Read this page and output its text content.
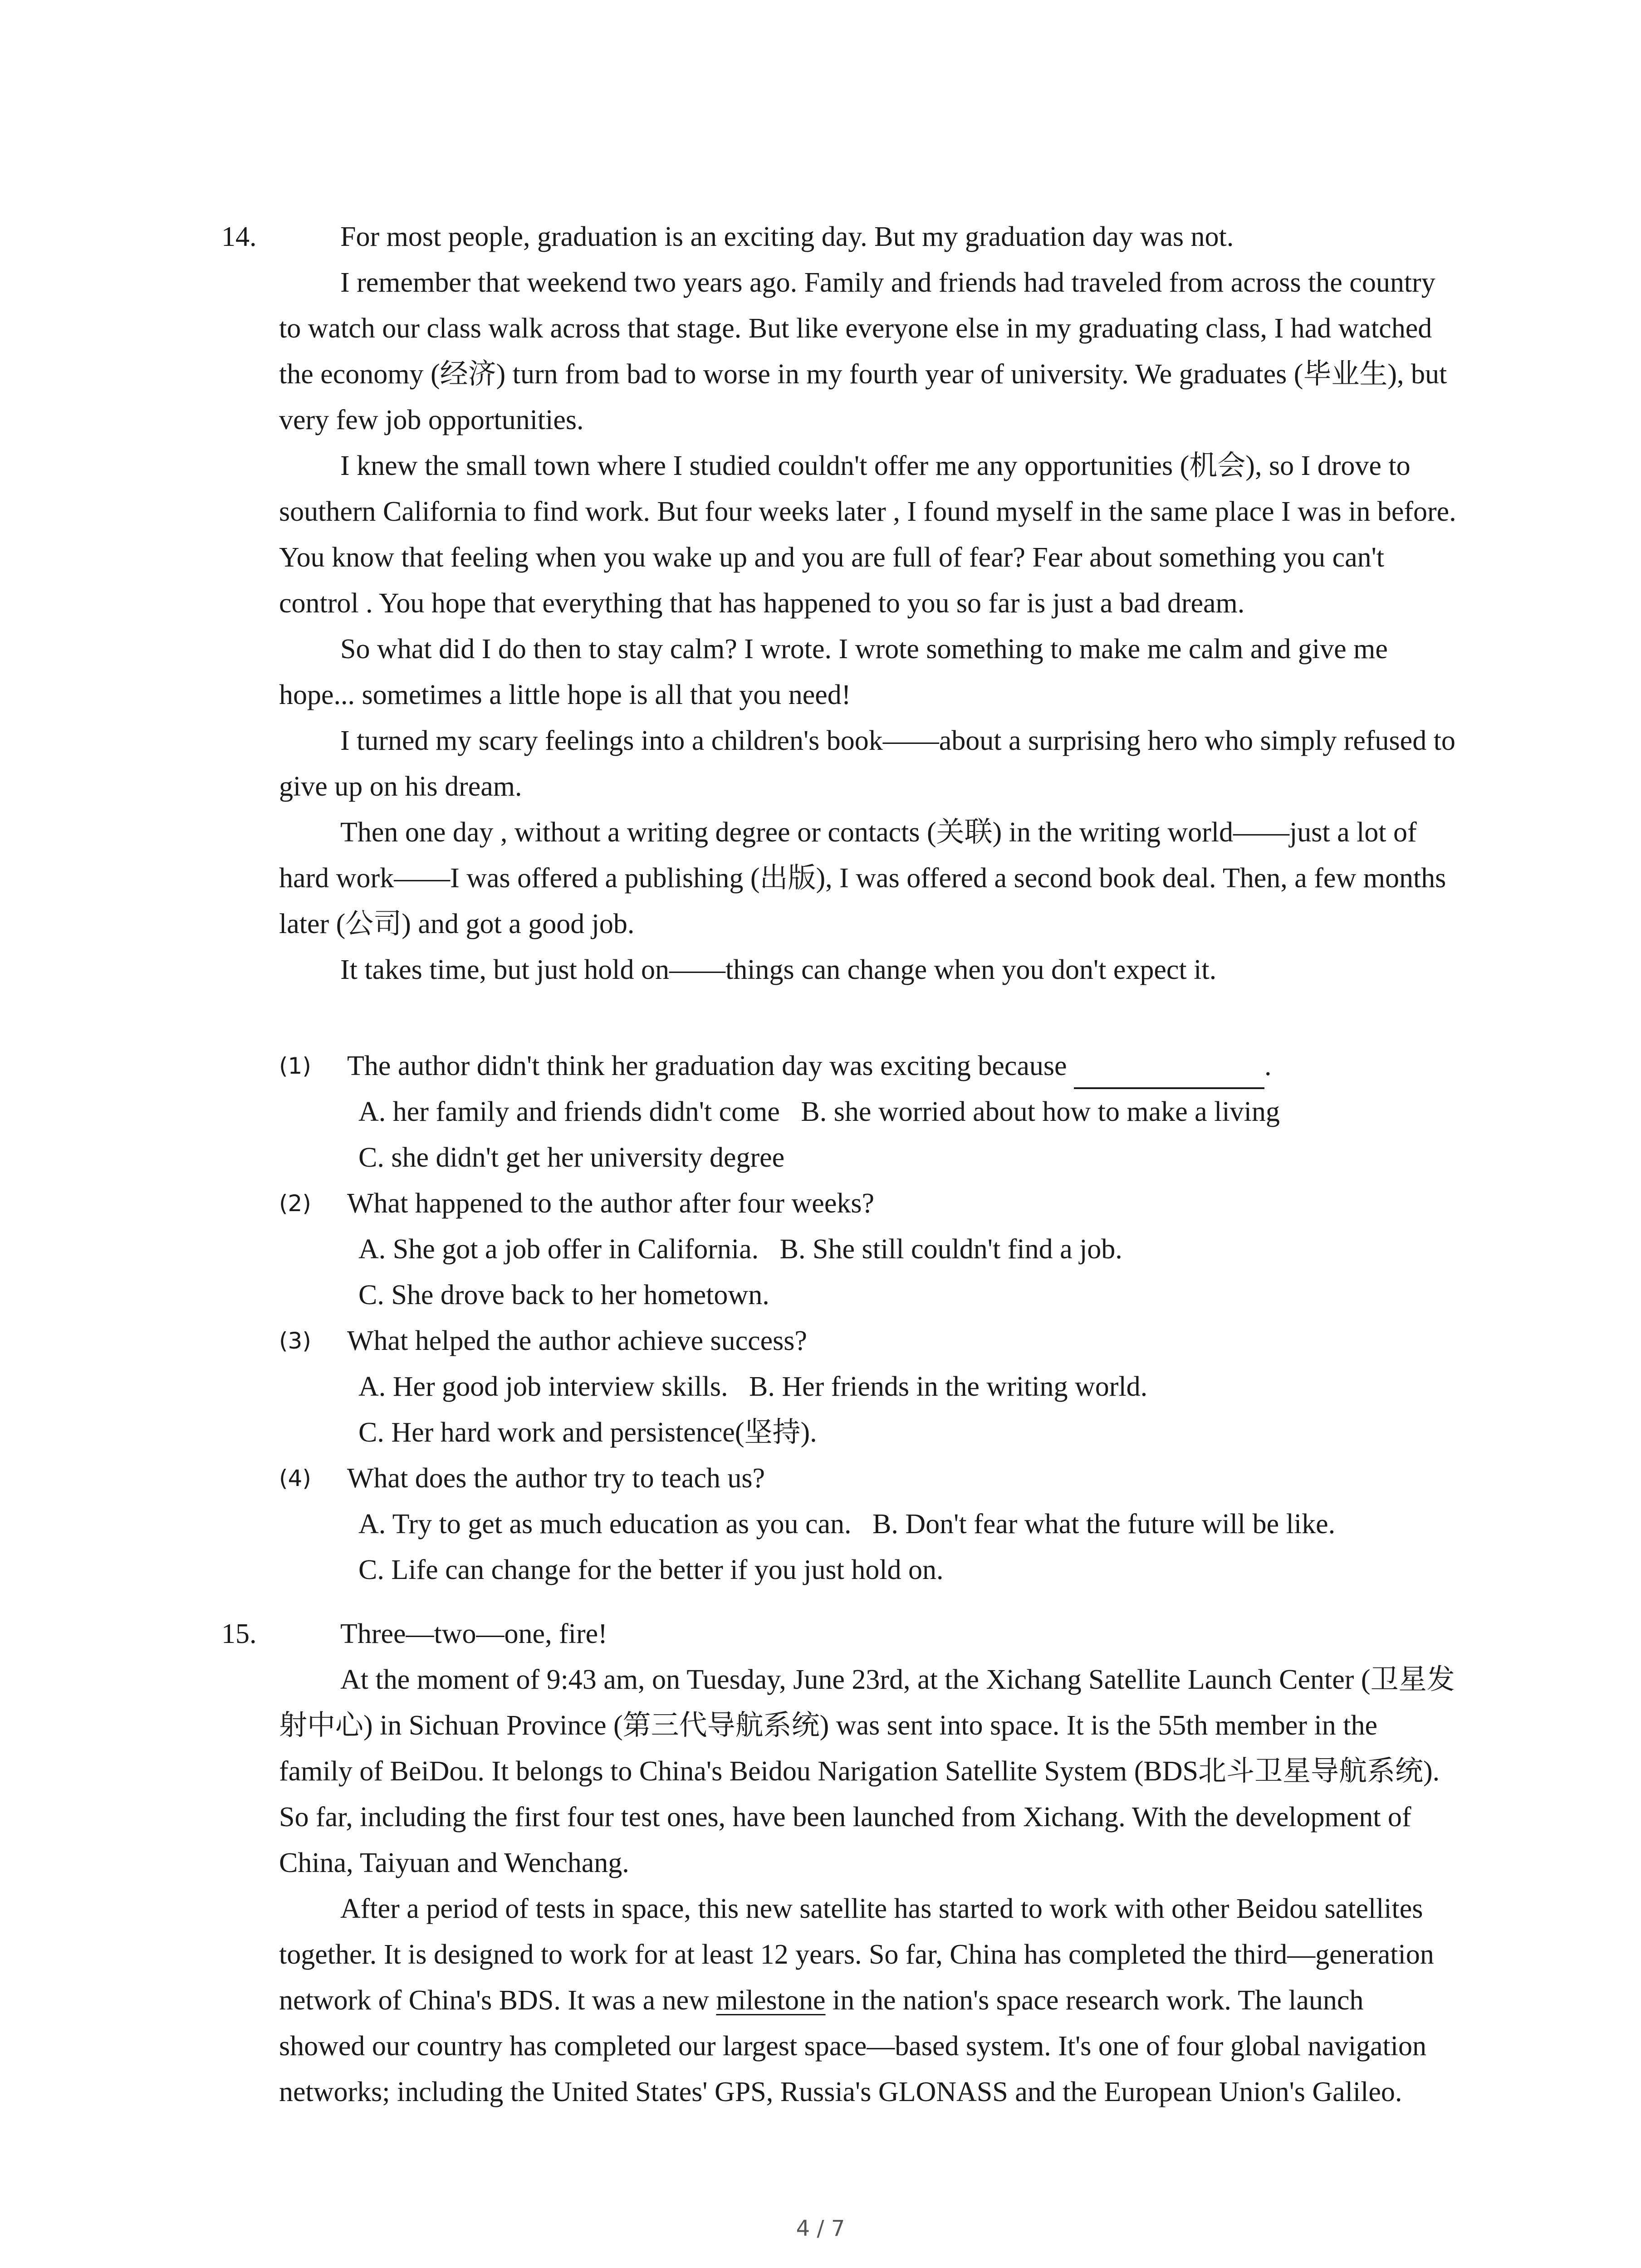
14.	For most people, graduation is an exciting day. But my graduation day was not.

I remember that weekend two years ago. Family and friends had traveled from across the country to watch our class walk across that stage. But like everyone else in my graduating class, I had watched the economy (经济) turn from bad to worse in my fourth year of university. We graduates (毕业生), but very few job opportunities.

I knew the small town where I studied couldn't offer me any opportunities (机会), so I drove to southern California to find work. But four weeks later , I found myself in the same place I was in before. You know that feeling when you wake up and you are full of fear? Fear about something you can't control . You hope that everything that has happened to you so far is just a bad dream.

So what did I do then to stay calm? I wrote. I wrote something to make me calm and give me hope... sometimes a little hope is all that you need!

I turned my scary feelings into a children's book——about a surprising hero who simply refused to give up on his dream.

Then one day , without a writing degree or contacts (关联) in the writing world——just a lot of hard work——I was offered a publishing (出版), I was offered a second book deal. Then, a few months later (公司) and got a good job.

It takes time, but just hold on——things can change when you don't expect it.

(1) The author didn't think her graduation day was exciting because	.
A. her family and friends didn't come   B. she worried about how to make a living
C. she didn't get her university degree
(2) What happened to the author after four weeks?
A. She got a job offer in California.   B. She still couldn't find a job.
C. She drove back to her hometown.
(3) What helped the author achieve success?
A. Her good job interview skills.   B. Her friends in the writing world.
C. Her hard work and persistence(坚持).
(4) What does the author try to teach us?
A. Try to get as much education as you can.   B. Don't fear what the future will be like.
C. Life can change for the better if you just hold on.
15.	Three—two—one, fire!

At the moment of 9:43 am, on Tuesday, June 23rd, at the Xichang Satellite Launch Center (卫星发射中心) in Sichuan Province (第三代导航系统) was sent into space. It is the 55th member in the family of BeiDou. It belongs to China's Beidou Narigation Satellite System (BDS北斗卫星导航系统). So far, including the first four test ones, have been launched from Xichang. With the development of China, Taiyuan and Wenchang.

After a period of tests in space, this new satellite has started to work with other Beidou satellites together. It is designed to work for at least 12 years. So far, China has completed the third—generation network of China's BDS. It was a new milestone in the nation's space research work. The launch showed our country has completed our largest space—based system. It's one of four global navigation networks; including the United States' GPS, Russia's GLONASS and the European Union's Galileo.

4 / 7
